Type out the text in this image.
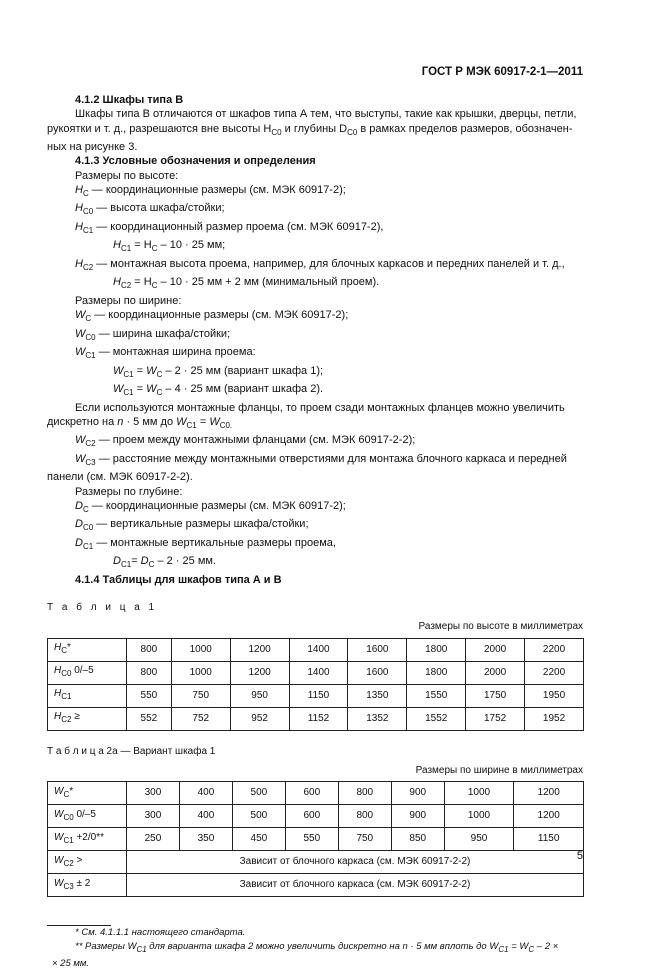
ГОСТ Р МЭК 60917-2-1—2011

4.1.2 Шкафы типа В

Шкафы типа В отличаются от шкафов типа А тем, что выступы, такие как крышки, дверцы, петли,

рукоятки и т. д., разрешаются вне высоты $H_{C0}$ и глубины $D_{C0}$ в рамках пределов размеров, обозначен-

ных на рисунке 3.

4.1.3 Условные обозначения и определения

Размеры по высоте:

$H_C$ — координационные размеры (см. МЭК 60917-2);

$H_{C0}$ — высота шкафа/стойки;

$H_{C1}$ — координационный размер проема (см. МЭК 60917-2),

$H_{C1} = H_C - 10 \cdot 25$ мм;

$H_{C2}$ — монтажная высота проема, например, для блочных каркасов и передних панелей и т. д.,

$H_{C2} = H_C - 10 \cdot 25$ мм + 2 мм (минимальный проем).

Размеры по ширине:

$W_C$ — координационные размеры (см. МЭК 60917-2);

$W_{C0}$ — ширина шкафа/стойки;

$W_{C1}$ — монтажная ширина проема:

$W_{C1} = W_C - 2 \cdot 25$ мм (вариант шкафа 1);

$W_{C1} = W_C - 4 \cdot 25$ мм (вариант шкафа 2).

Если используются монтажные фланцы, то проем сзади монтажных фланцев можно увеличить

дискретно на n · 5 мм до $W_{C1} = W_{C0.}$

$W_{C2}$ — проем между монтажными фланцами (см. МЭК 60917-2-2);

$W_{C3}$ — расстояние между монтажными отверстиями для монтажа блочного каркаса и передней

панели (см. МЭК 60917-2-2).

Размеры по глубине:

$D_C$ — координационные размеры (см. МЭК 60917-2);

$D_{C0}$ — вертикальные размеры шкафа/стойки;

$D_{C1}$ — монтажные вертикальные размеры проема,

$D_{C1}= D_C - 2 \cdot 25$ мм.

4.1.4 Таблицы для шкафов типа А и В

Т а б л и ц а 1
Размеры по высоте в миллиметрах
$H_C*$	800	1000	1200	1400	1600	1800	2000	2200
$H_{C0}$ 0/–5	800	1000	1200	1400	1600	1800	2000	2200
$H_{C1}$	550	750	950	1150	1350	1550	1750	1950
$H_{C2}$ ≥	552	752	952	1152	1352	1552	1752	1952
Т а б л и ц а 2а — Вариант шкафа 1
Размеры по ширине в миллиметрах
$W_C*$	300	400	500	600	800	900	1000	1200
$W_{C0}$ 0/–5	300	400	500	600	800	900	1000	1200
$W_{C1} +2/0**$	250	350	450	550	750	850	950	1150
$W_{C2}$ >	Зависит от блочного каркаса (см. МЭК 60917-2-2)							
$W_{C3} \pm 2$	Зависит от блочного каркаса (см. МЭК 60917-2-2)							

* См. 4.1.1.1 настоящего стандарта.

** Размеры $W_{C1}$ для варианта шкафа 2 можно увеличить дискретно на n · 5 мм вплоть до $W_{C1} = W_C - 2$ ×

× 25 мм.

5
